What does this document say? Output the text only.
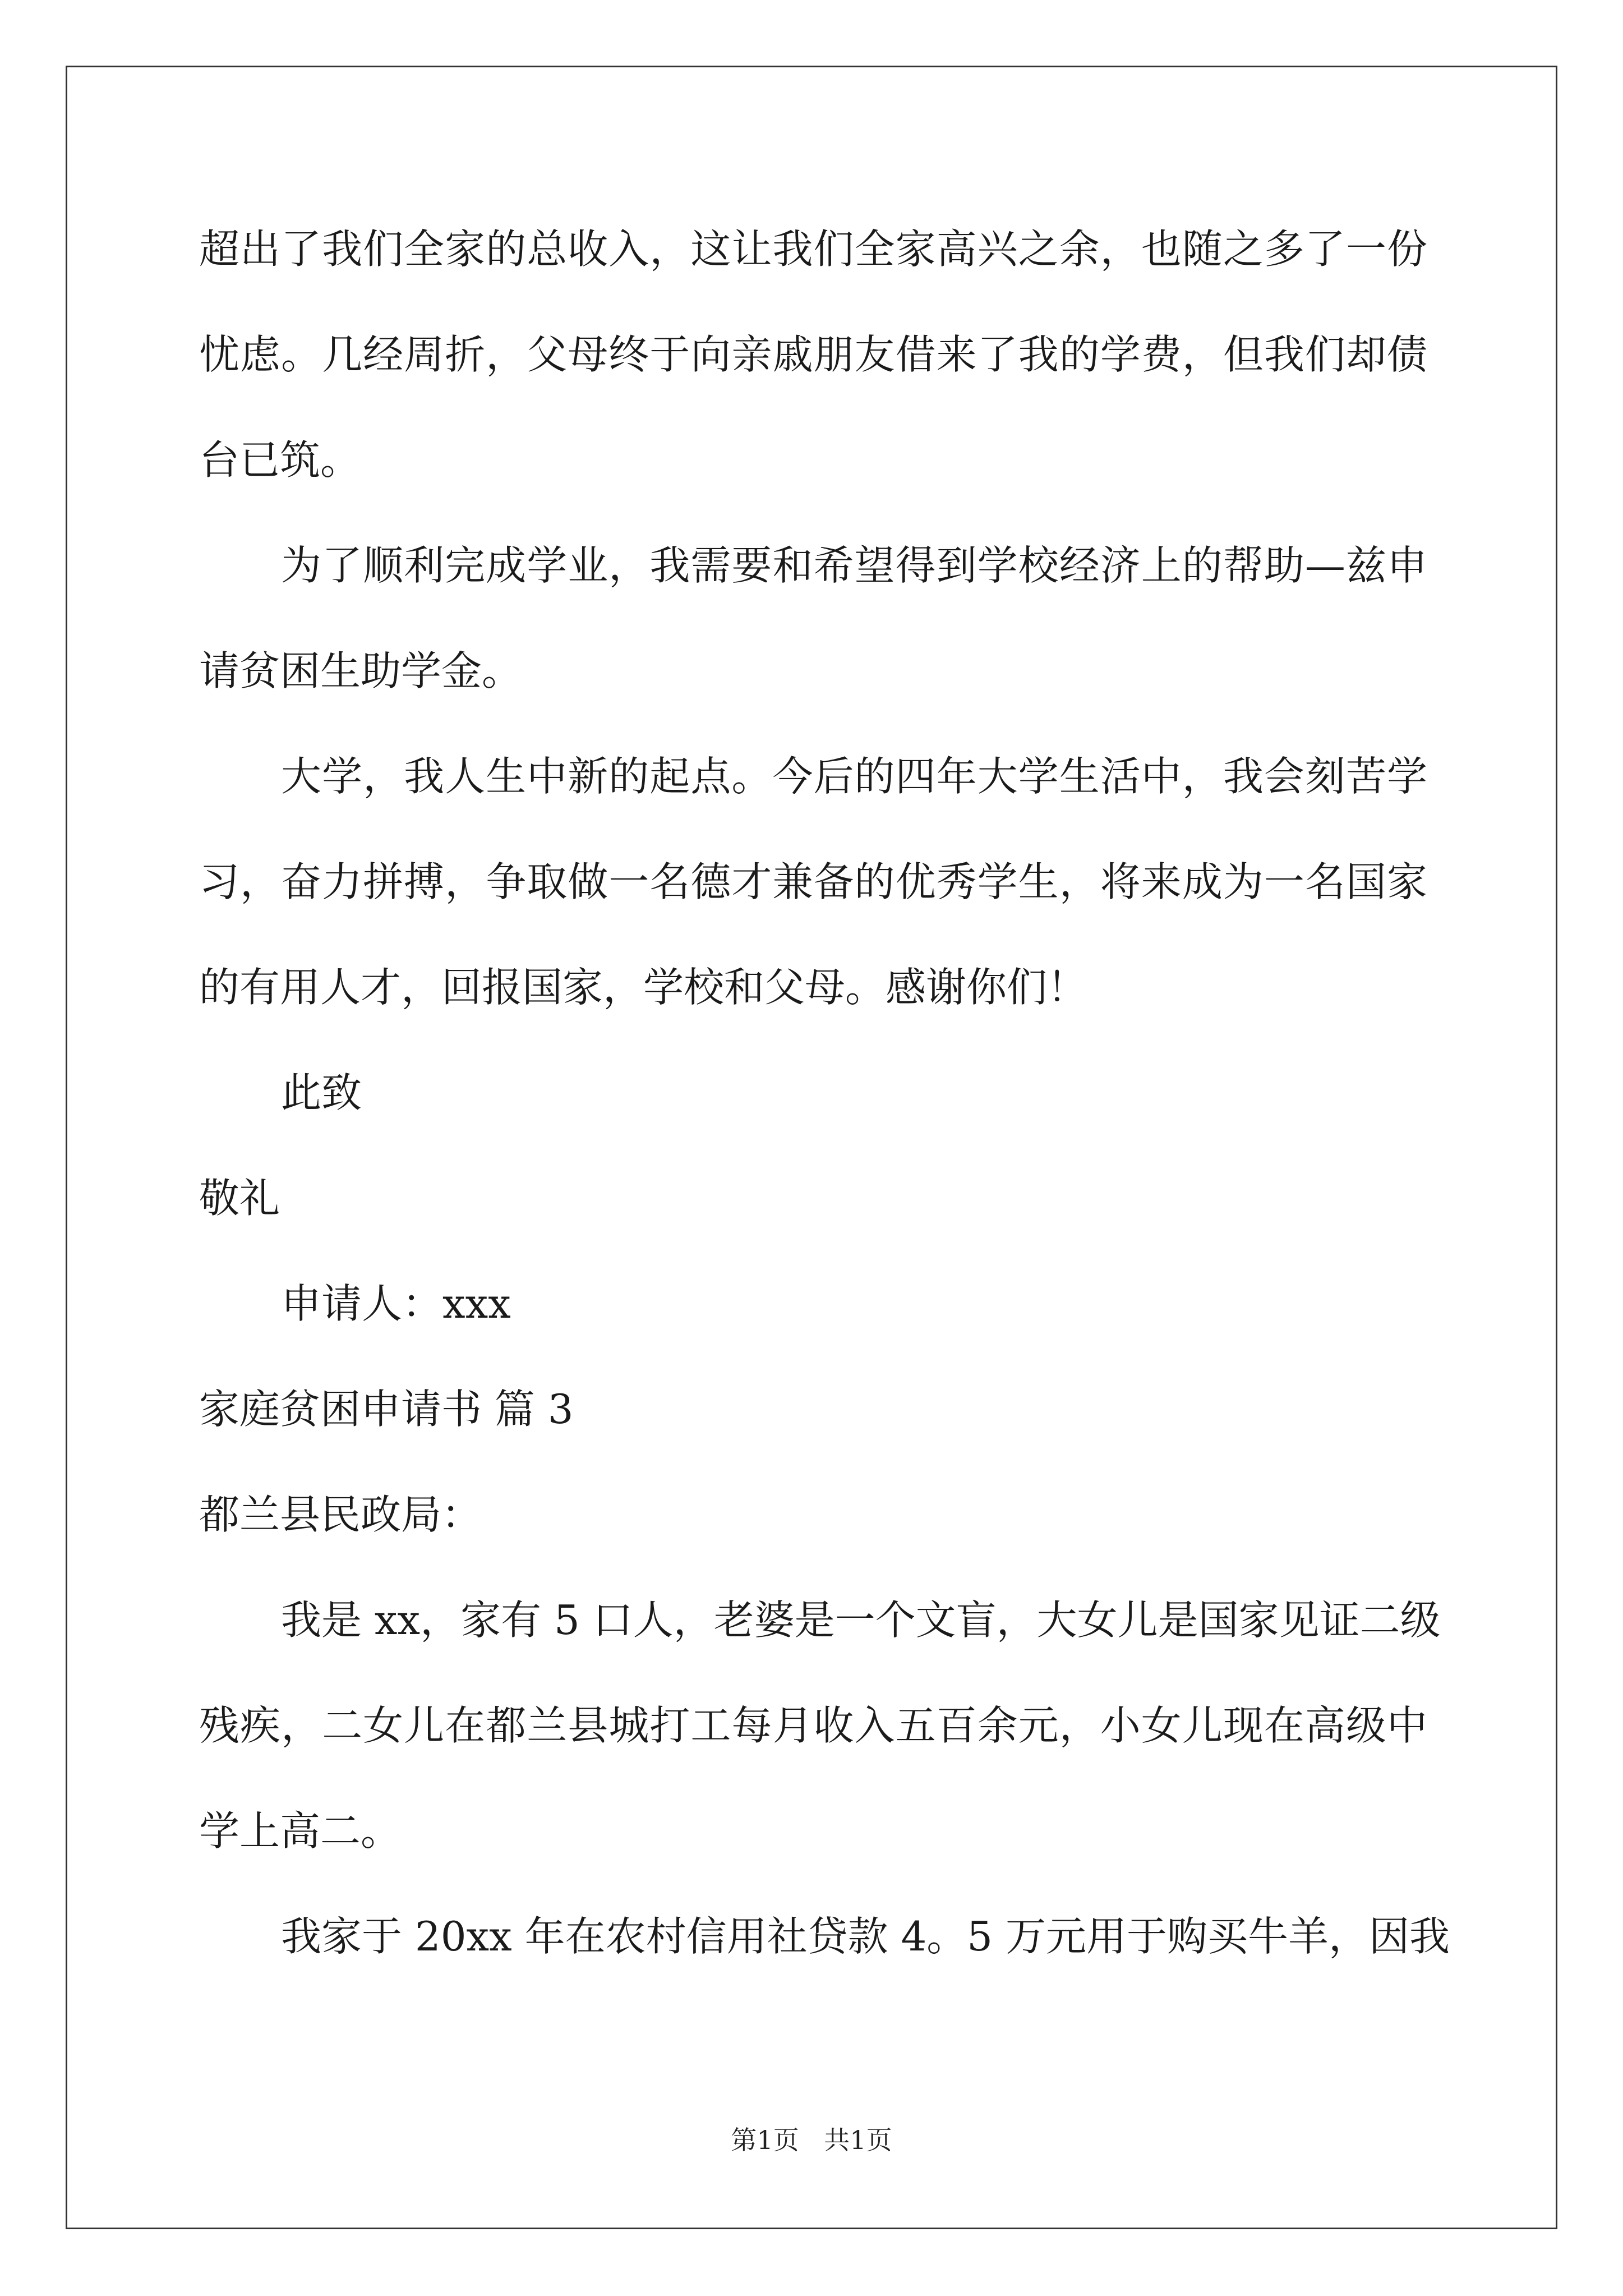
超出了我们全家的总收入，这让我们全家高兴之余，也随之多了一份
忧虑。几经周折，父母终于向亲戚朋友借来了我的学费，但我们却债
台已筑。
为了顺利完成学业，我需要和希望得到学校经济上的帮助—兹申
请贫困生助学金。
大学，我人生中新的起点。今后的四年大学生活中，我会刻苦学
习，奋力拼搏，争取做一名德才兼备的优秀学生，将来成为一名国家
的有用人才，回报国家，学校和父母。感谢你们！
此致
敬礼
申请人：xxx
家庭贫困申请书 篇 3
都兰县民政局：
我是 xx，家有 5 口人，老婆是一个文盲，大女儿是国家见证二级
残疾，二女儿在都兰县城打工每月收入五百余元，小女儿现在高级中
学上高二。
我家于 20xx 年在农村信用社贷款 4。5 万元用于购买牛羊，因我
第1页 共1页
